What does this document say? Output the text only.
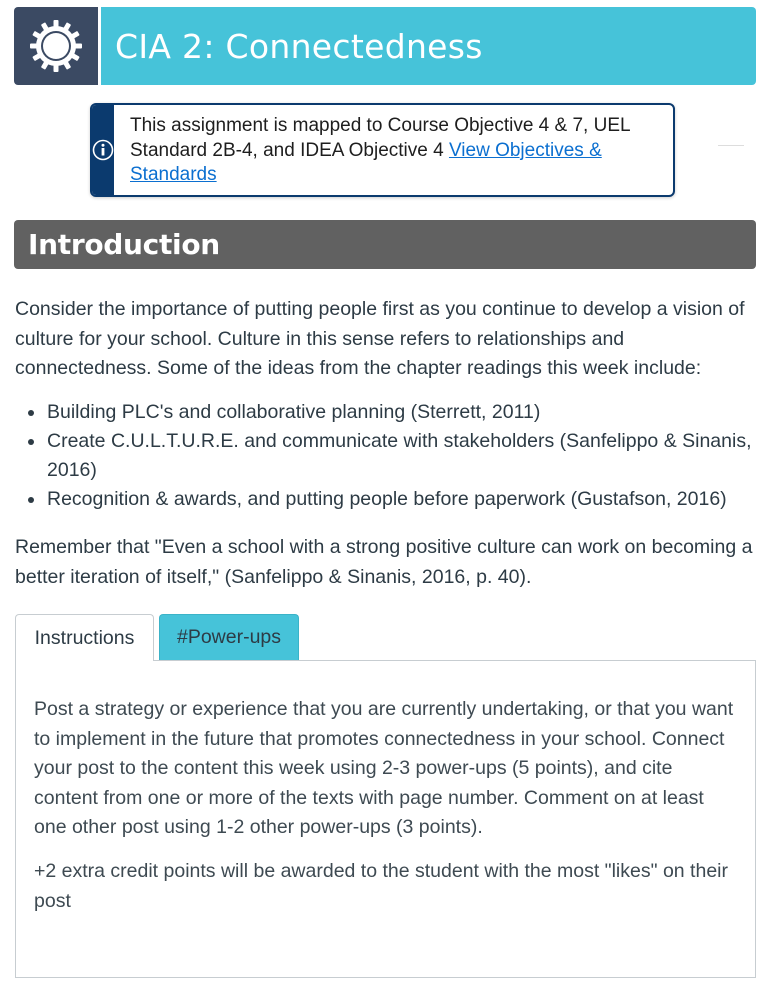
CIA 2: Connectedness
This assignment is mapped to Course Objective 4 & 7, UEL Standard 2B-4, and IDEA Objective 4 View Objectives & Standards
Introduction

Consider the importance of putting people first as you continue to develop a vision of culture for your school. Culture in this sense refers to relationships and connectedness. Some of the ideas from the chapter readings this week include:

Building PLC's and collaborative planning (Sterrett, 2011)
Create C.U.L.T.U.R.E. and communicate with stakeholders (Sanfelippo & Sinanis, 2016)
Recognition & awards, and putting people before paperwork (Gustafson, 2016)

Remember that "Even a school with a strong positive culture can work on becoming a better iteration of itself," (Sanfelippo & Sinanis, 2016, p. 40).

Instructions	#Power-ups

Post a strategy or experience that you are currently undertaking, or that you want to implement in the future that promotes connectedness in your school. Connect your post to the content this week using 2-3 power-ups (5 points), and cite content from one or more of the texts with page number. Comment on at least one other post using 1-2 other power-ups (3 points).

+2 extra credit points will be awarded to the student with the most "likes" on their post
